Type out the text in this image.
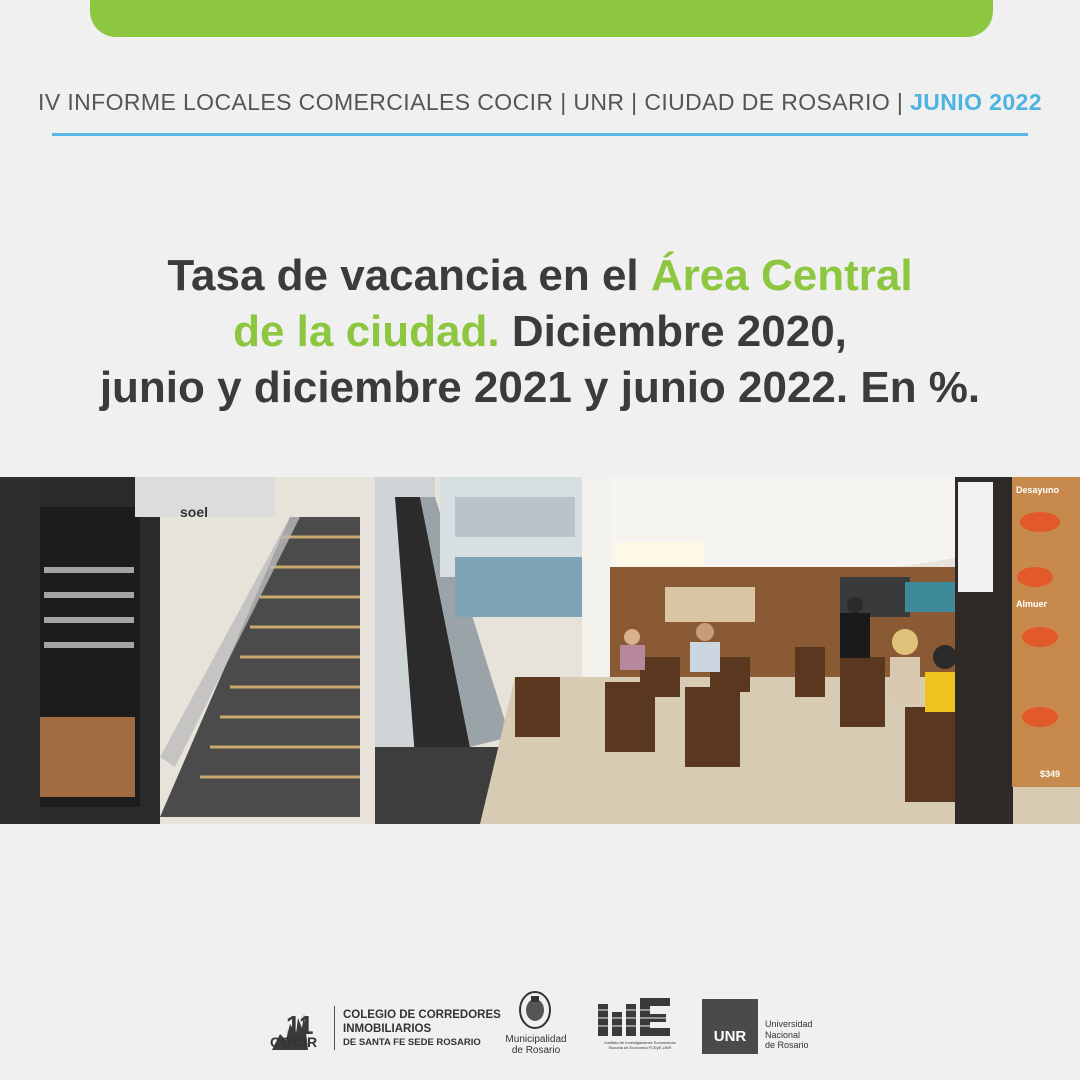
IV INFORME LOCALES COMERCIALES COCIR | UNR | CIUDAD DE ROSARIO | JUNIO 2022
Tasa de vacancia en el Área Central
de la ciudad. Diciembre 2020,
junio y diciembre 2021 y junio 2022. En %.
soel
Desayuno
Almuer
$349
11
COCIR
COLEGIO DE CORREDORES
INMOBILIARIOS
DE SANTA FE SEDE ROSARIO	Municipalidad
de Rosario
Instituto de Investigaciones Económicas
Escuela de Economía FCEyE-UNR
UNR
Universidad
Nacional
de Rosario
